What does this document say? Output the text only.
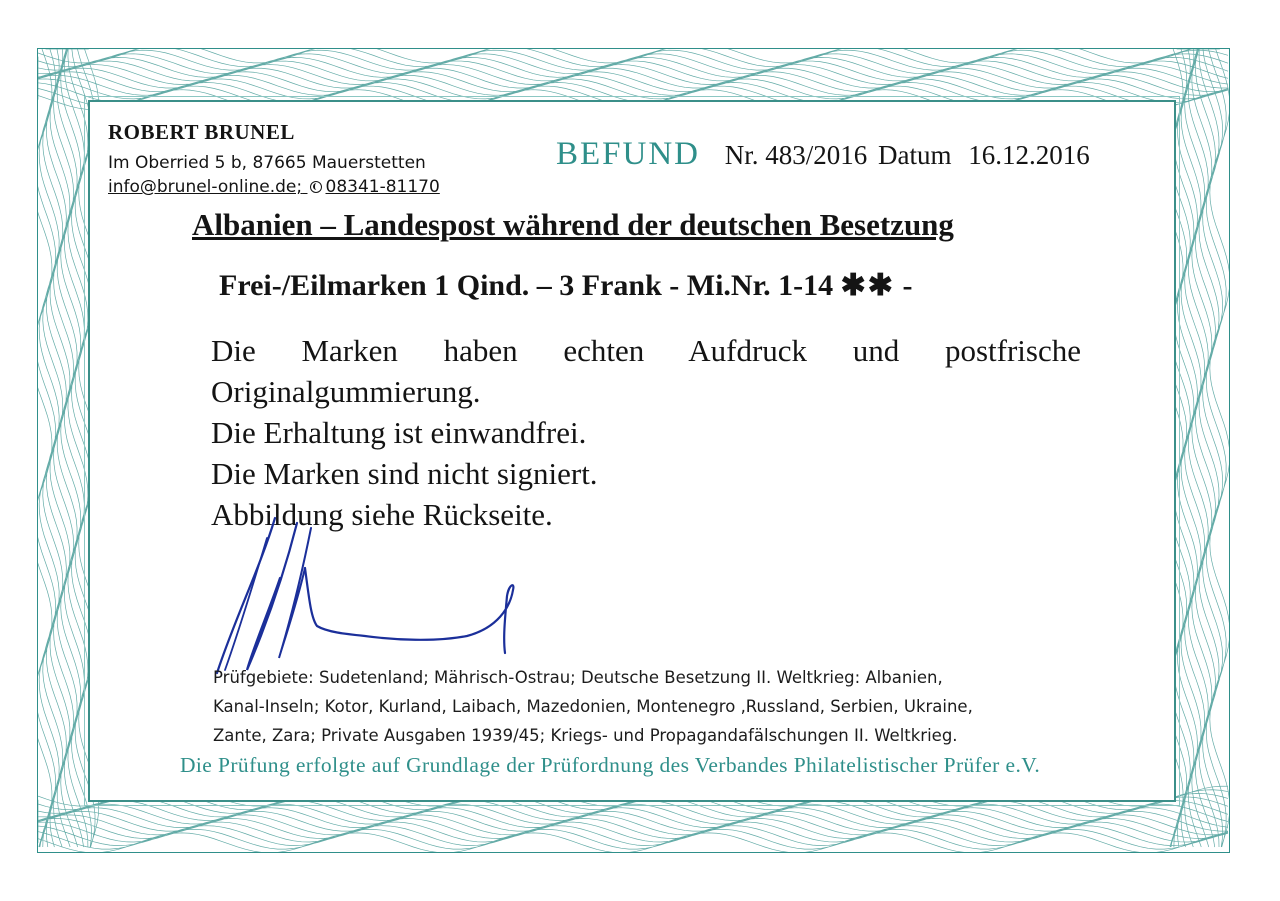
ROBERT BRUNEL
Im Oberried 5 b, 87665 Mauerstetten
info@brunel-online.de; 08341-81170
BEFUND Nr. 483/2016 Datum 16.12.2016
Albanien – Landespost während der deutschen Besetzung
Frei-/Eilmarken 1 Qind. – 3 Frank - Mi.Nr. 1-14 ✱✱ -
Die Marken haben echten Aufdruck und postfrische
Originalgummierung.
Die Erhaltung ist einwandfrei.
Die Marken sind nicht signiert.
Abbildung siehe Rückseite.
Prüfgebiete: Sudetenland; Mährisch-Ostrau; Deutsche Besetzung II. Weltkrieg: Albanien,
Kanal-Inseln; Kotor, Kurland, Laibach, Mazedonien, Montenegro ,Russland, Serbien, Ukraine,
Zante, Zara; Private Ausgaben 1939/45; Kriegs- und Propagandafälschungen II. Weltkrieg.
Die Prüfung erfolgte auf Grundlage der Prüfordnung des Verbandes Philatelistischer Prüfer e.V.
